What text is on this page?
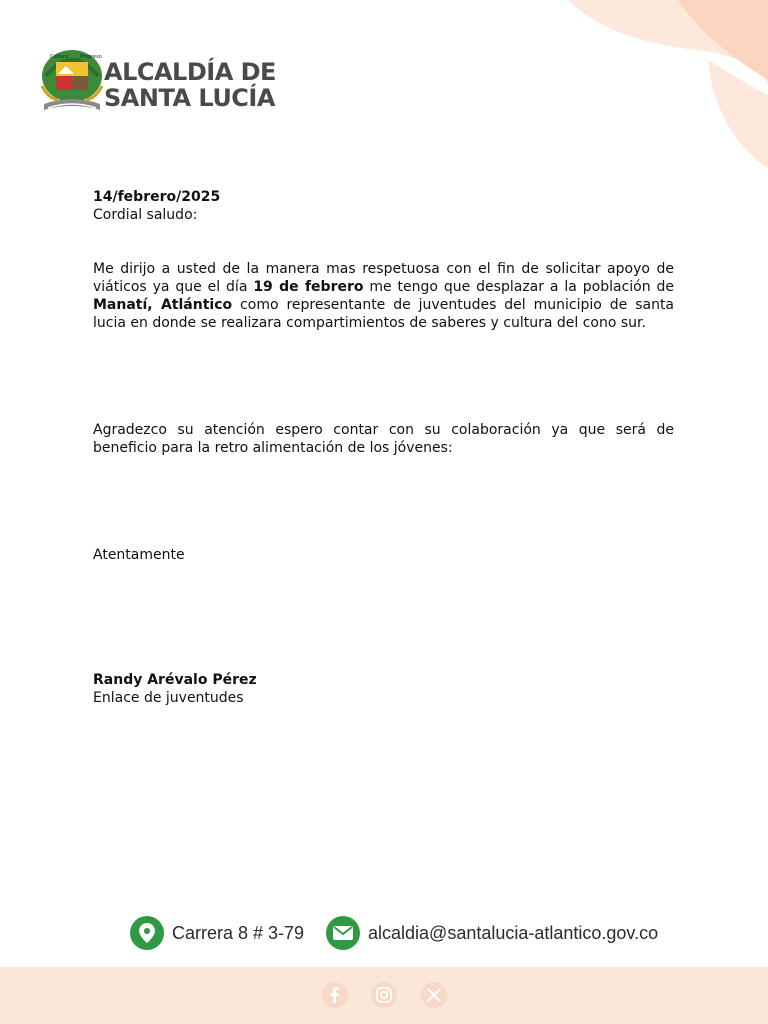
Cultura Progreso
ALCALDÍA DE
SANTA LUCÍA
14/febrero/2025
Cordial saludo:
Me dirijo a usted de la manera mas respetuosa con el fin de solicitar apoyo de viáticos ya que el día 19 de febrero me tengo que desplazar a la población de Manatí, Atlántico como representante de juventudes del municipio de santa lucia en donde se realizara compartimientos de saberes y cultura del cono sur.
Agradezco su atención espero contar con su colaboración ya que será de beneficio para la retro alimentación de los jóvenes:
Atentamente
Randy Arévalo Pérez
Enlace de juventudes
Carrera 8 # 3-79	alcaldia@santalucia-atlantico.gov.co
